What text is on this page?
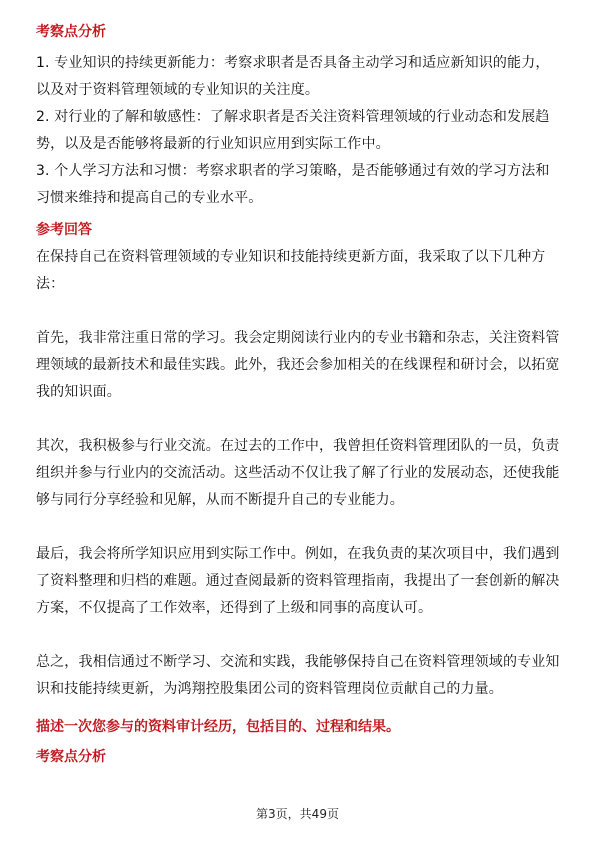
考察点分析

1. 专业知识的持续更新能力：考察求职者是否具备主动学习和适应新知识的能力，以及对于资料管理领域的专业知识的关注度。

2. 对行业的了解和敏感性：了解求职者是否关注资料管理领域的行业动态和发展趋势，以及是否能够将最新的行业知识应用到实际工作中。

3. 个人学习方法和习惯：考察求职者的学习策略，是否能够通过有效的学习方法和习惯来维持和提高自己的专业水平。

参考回答

在保持自己在资料管理领域的专业知识和技能持续更新方面，我采取了以下几种方法：

首先，我非常注重日常的学习。我会定期阅读行业内的专业书籍和杂志，关注资料管理领域的最新技术和最佳实践。此外，我还会参加相关的在线课程和研讨会，以拓宽我的知识面。

其次，我积极参与行业交流。在过去的工作中，我曾担任资料管理团队的一员，负责组织并参与行业内的交流活动。这些活动不仅让我了解了行业的发展动态，还使我能够与同行分享经验和见解，从而不断提升自己的专业能力。

最后，我会将所学知识应用到实际工作中。例如，在我负责的某次项目中，我们遇到了资料整理和归档的难题。通过查阅最新的资料管理指南，我提出了一套创新的解决方案，不仅提高了工作效率，还得到了上级和同事的高度认可。

总之，我相信通过不断学习、交流和实践，我能够保持自己在资料管理领域的专业知识和技能持续更新，为鸿翔控股集团公司的资料管理岗位贡献自己的力量。

描述一次您参与的资料审计经历，包括目的、过程和结果。
考察点分析
第3页，共49页
